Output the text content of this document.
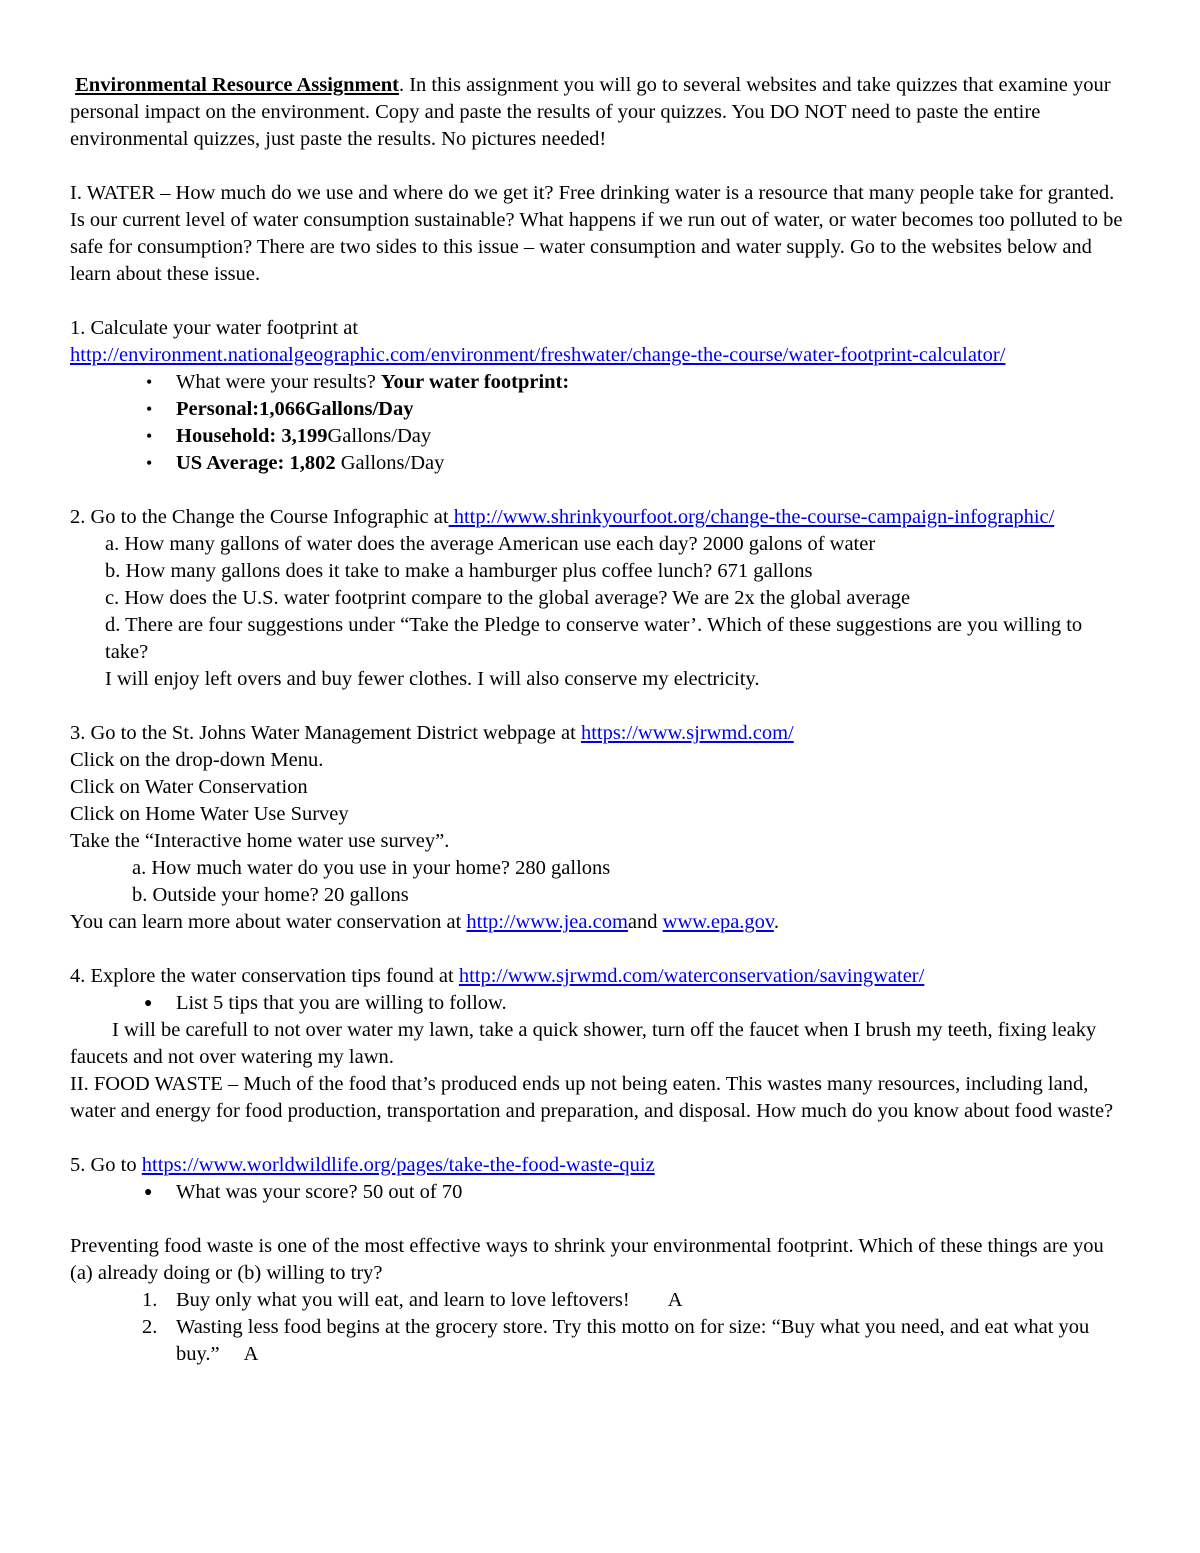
Environmental Resource Assignment. In this assignment you will go to several websites and take quizzes that examine your personal impact on the environment. Copy and paste the results of your quizzes. You DO NOT need to paste the entire environmental quizzes, just paste the results. No pictures needed!

I. WATER – How much do we use and where do we get it? Free drinking water is a resource that many people take for granted. Is our current level of water consumption sustainable? What happens if we run out of water, or water becomes too polluted to be safe for consumption? There are two sides to this issue – water consumption and water supply. Go to the websites below and learn about these issue.

1. Calculate your water footprint at

http://environment.nationalgeographic.com/environment/freshwater/change-the-course/water-footprint-calculator/

• What were your results? Your water footprint:
• Personal:1,066Gallons/Day
• Household: 3,199Gallons/Day
• US Average: 1,802 Gallons/Day

2. Go to the Change the Course Infographic at http://www.shrinkyourfoot.org/change-the-course-campaign-infographic/

a. How many gallons of water does the average American use each day? 2000 galons of water

b. How many gallons does it take to make a hamburger plus coffee lunch? 671 gallons

c. How does the U.S. water footprint compare to the global average? We are 2x the global average

d. There are four suggestions under “Take the Pledge to conserve water’. Which of these suggestions are you willing to take?

I will enjoy left overs and buy fewer clothes. I will also conserve my electricity.

3. Go to the St. Johns Water Management District webpage at https://www.sjrwmd.com/

Click on the drop-down Menu.

Click on Water Conservation

Click on Home Water Use Survey

Take the “Interactive home water use survey”.

a. How much water do you use in your home? 280 gallons

b. Outside your home? 20 gallons

You can learn more about water conservation at http://www.jea.comand www.epa.gov.

4. Explore the water conservation tips found at http://www.sjrwmd.com/waterconservation/savingwater/

● List 5 tips that you are willing to follow.

I will be carefull to not over water my lawn, take a quick shower, turn off the faucet when I brush my teeth, fixing leaky faucets and not over watering my lawn.

II. FOOD WASTE – Much of the food that’s produced ends up not being eaten. This wastes many resources, including land, water and energy for food production, transportation and preparation, and disposal. How much do you know about food waste?

5. Go to https://www.worldwildlife.org/pages/take-the-food-waste-quiz

● What was your score? 50 out of 70

Preventing food waste is one of the most effective ways to shrink your environmental footprint. Which of these things are you (a) already doing or (b) willing to try?

1. Buy only what you will eat, and learn to love leftovers! A
2. Wasting less food begins at the grocery store. Try this motto on for size: “Buy what you need, and eat what you buy.” A
